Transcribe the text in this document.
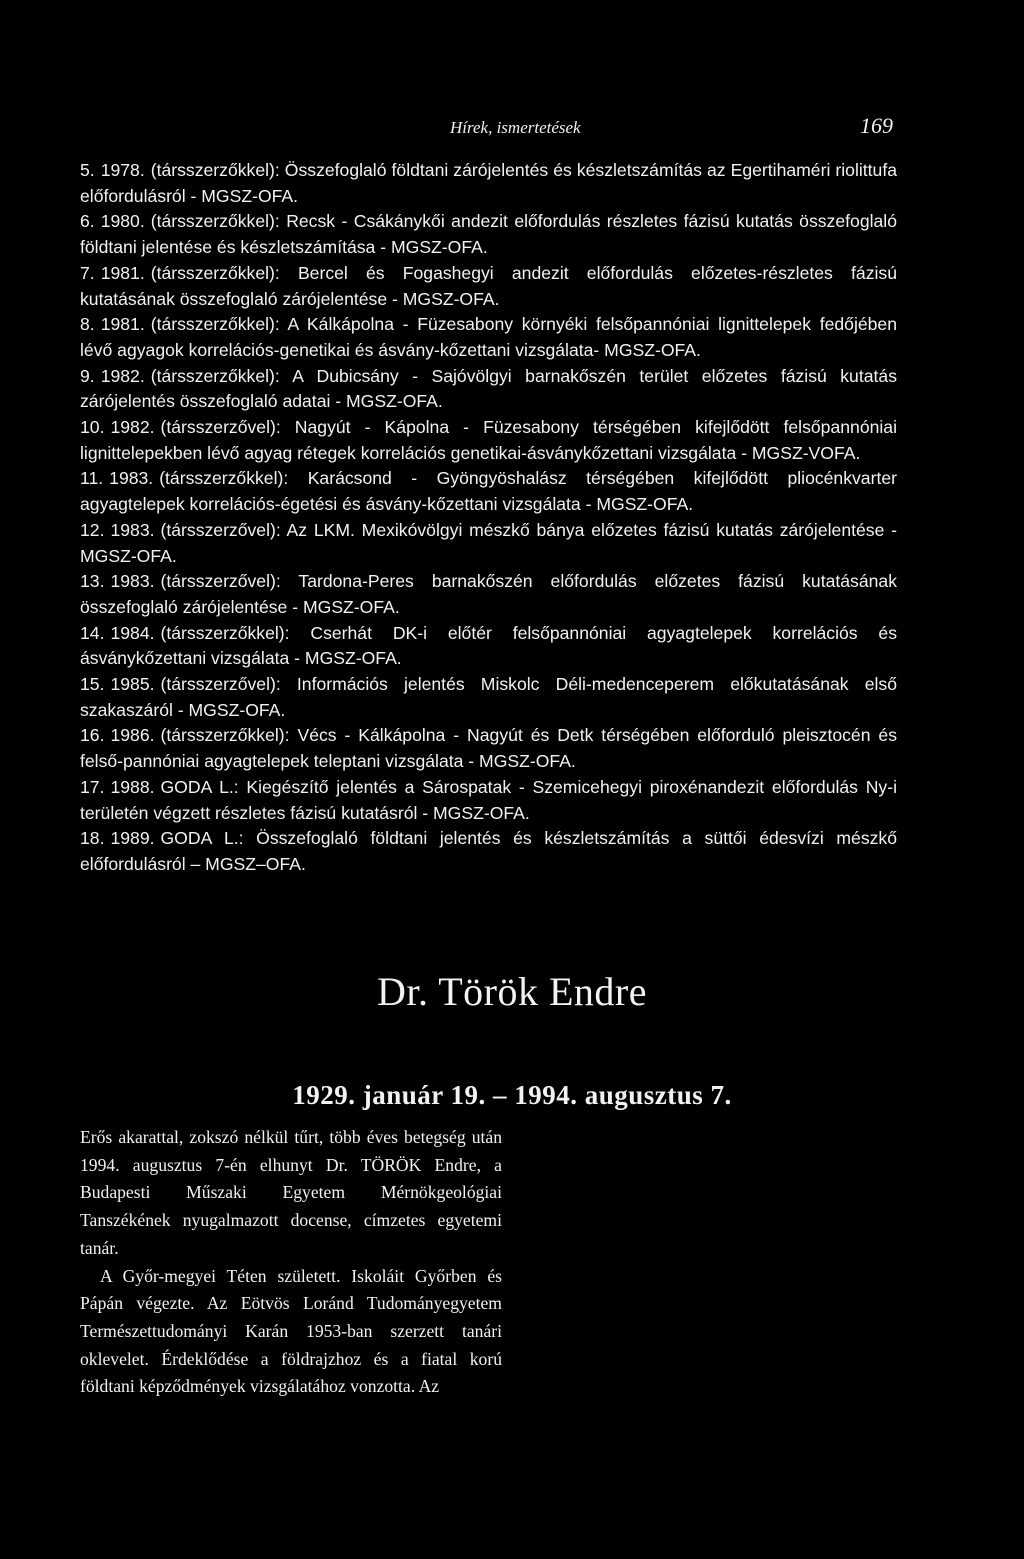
Hírek, ismertetések	169
5. 1978. (társszerzőkkel): Összefoglaló földtani zárójelentés és készletszámítás az Egertihaméri riolittufa előfordulásról - MGSZ-OFA.
6. 1980. (társszerzőkkel): Recsk - Csákánykői andezit előfordulás részletes fázisú kutatás összefoglaló földtani jelentése és készletszámítása - MGSZ-OFA.
7. 1981. (társszerzőkkel): Bercel és Fogashegyi andezit előfordulás előzetes-részletes fázisú kutatásának összefoglaló zárójelentése - MGSZ-OFA.
8. 1981. (társszerzőkkel): A Kálkápolna - Füzesabony környéki felsőpannóniai lignittelepek fedőjében lévő agyagok korrelációs-genetikai és ásvány-kőzettani vizsgálata- MGSZ-OFA.
9. 1982. (társszerzőkkel): A Dubicsány - Sajóvölgyi barnakőszén terület előzetes fázisú kutatás zárójelentés összefoglaló adatai - MGSZ-OFA.
10. 1982. (társszerzővel): Nagyút - Kápolna - Füzesabony térségében kifejlődött felsőpannóniai lignittelepekben lévő agyag rétegek korrelációs genetikai-ásványkőzettani vizsgálata - MGSZ-VOFA.
11. 1983. (társszerzőkkel): Karácsond - Gyöngyöshalász térségében kifejlődött pliocénkvarter agyagtelepek korrelációs-égetési és ásvány-kőzettani vizsgálata - MGSZ-OFA.
12. 1983. (társszerzővel): Az LKM. Mexikóvölgyi mészkő bánya előzetes fázisú kutatás zárójelentése - MGSZ-OFA.
13. 1983. (társszerzővel): Tardona-Peres barnakőszén előfordulás előzetes fázisú kutatásának összefoglaló zárójelentése - MGSZ-OFA.
14. 1984. (társszerzőkkel): Cserhát DK-i előtér felsőpannóniai agyagtelepek korrelációs és ásványkőzettani vizsgálata - MGSZ-OFA.
15. 1985. (társszerzővel): Információs jelentés Miskolc Déli-medenceperem előkutatásának első szakaszáról - MGSZ-OFA.
16. 1986. (társszerzőkkel): Vécs - Kálkápolna - Nagyút és Detk térségében előforduló pleisztocén és felső-pannóniai agyagtelepek teleptani vizsgálata - MGSZ-OFA.
17. 1988. GODA L.: Kiegészítő jelentés a Sárospatak - Szemicehegyi piroxénandezit előfordulás Ny-i területén végzett részletes fázisú kutatásról - MGSZ-OFA.
18. 1989. GODA L.: Összefoglaló földtani jelentés és készletszámítás a süttői édesvízi mészkő előfordulásról – MGSZ–OFA.
Dr. Török Endre
1929. január 19. – 1994. augusztus 7.

Erős akarattal, zokszó nélkül tűrt, több éves betegség után 1994. augusztus 7-én elhunyt Dr. TÖRÖK Endre, a Budapesti Műszaki Egyetem Mérnökgeológiai Tanszékének nyugalmazott docense, címzetes egyetemi tanár.

A Győr-megyei Téten született. Iskoláit Győrben és Pápán végezte. Az Eötvös Loránd Tudományegyetem Természettudományi Karán 1953-ban szerzett tanári oklevelet. Érdeklődése a földrajzhoz és a fiatal korú földtani képződmények vizsgálatához vonzotta. Az
